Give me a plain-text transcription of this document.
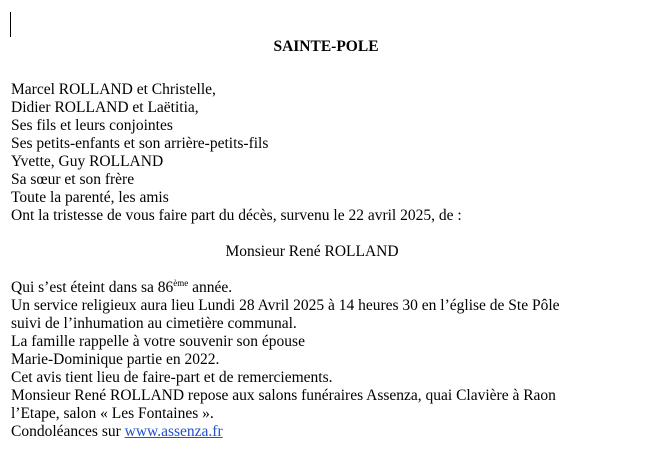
SAINTE-POLE
Marcel ROLLAND et Christelle,
Didier ROLLAND et Laëtitia,
Ses fils et leurs conjointes
Ses petits-enfants et son arrière-petits-fils
Yvette, Guy ROLLAND
Sa sœur et son frère
Toute la parenté, les amis
Ont la tristesse de vous faire part du décès, survenu le 22 avril 2025, de :
Monsieur René ROLLAND
Qui s’est éteint dans sa 86ème année.
Un service religieux aura lieu Lundi 28 Avril 2025 à 14 heures 30 en l’église de Ste Pôle
suivi de l’inhumation au cimetière communal.
La famille rappelle à votre souvenir son épouse
Marie-Dominique partie en 2022.
Cet avis tient lieu de faire-part et de remerciements.
Monsieur René ROLLAND repose aux salons funéraires Assenza, quai Clavière à Raon
l’Etape, salon « Les Fontaines ».
Condoléances sur www.assenza.fr
